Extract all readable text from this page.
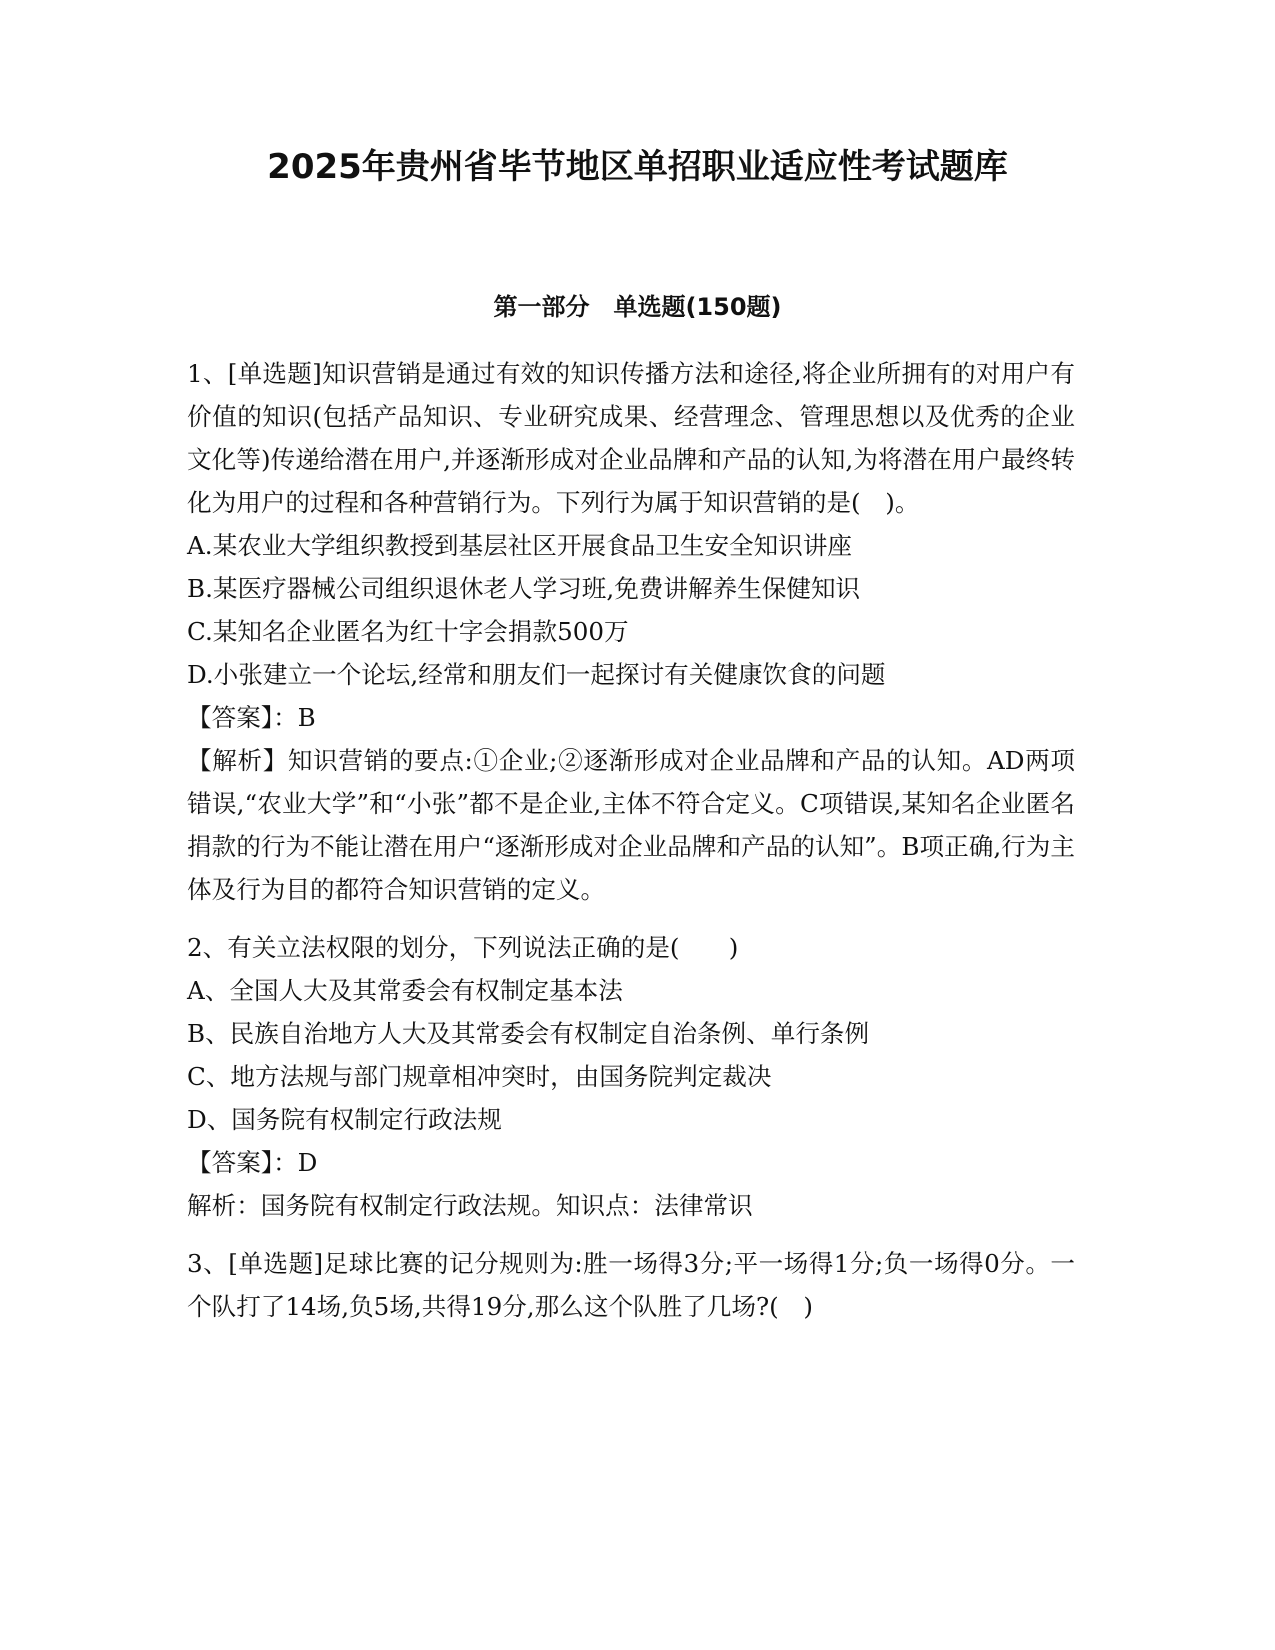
2025年贵州省毕节地区单招职业适应性考试题库
第一部分　单选题(150题)

1、[单选题]知识营销是通过有效的知识传播方法和途径,将企业所拥有的对用户有价值的知识(包括产品知识、专业研究成果、经营理念、管理思想以及优秀的企业文化等)传递给潜在用户,并逐渐形成对企业品牌和产品的认知,为将潜在用户最终转化为用户的过程和各种营销行为。下列行为属于知识营销的是(　)。

A.某农业大学组织教授到基层社区开展食品卫生安全知识讲座

B.某医疗器械公司组织退休老人学习班,免费讲解养生保健知识

C.某知名企业匿名为红十字会捐款500万

D.小张建立一个论坛,经常和朋友们一起探讨有关健康饮食的问题

【答案】：B

【解析】知识营销的要点:①企业;②逐渐形成对企业品牌和产品的认知。AD两项错误,“农业大学”和“小张”都不是企业,主体不符合定义。C项错误,某知名企业匿名捐款的行为不能让潜在用户“逐渐形成对企业品牌和产品的认知”。B项正确,行为主体及行为目的都符合知识营销的定义。

2、有关立法权限的划分，下列说法正确的是(　　)

A、全国人大及其常委会有权制定基本法

B、民族自治地方人大及其常委会有权制定自治条例、单行条例

C、地方法规与部门规章相冲突时，由国务院判定裁决

D、国务院有权制定行政法规

【答案】：D

解析：国务院有权制定行政法规。知识点：法律常识

3、[单选题]足球比赛的记分规则为:胜一场得3分;平一场得1分;负一场得0分。一个队打了14场,负5场,共得19分,那么这个队胜了几场?(　)
